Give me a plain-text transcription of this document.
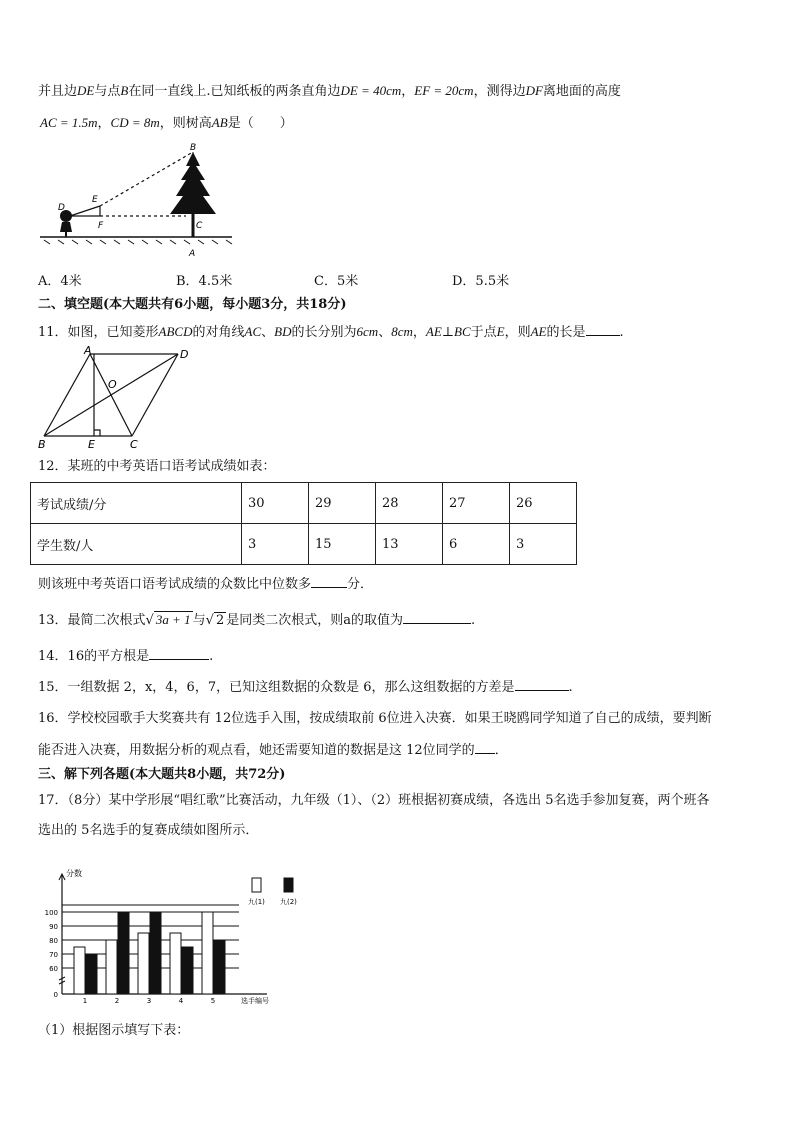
并且边DE与点B在同一直线上.已知纸板的两条直角边DE = 40cm，EF = 20cm，测得边DF离地面的高度
AC = 1.5m，CD = 8m，则树高AB是（　　）
B
E
D
F	C
A
A．4米	B．4.5米	C．5米	D．5.5米
二、填空题(本大题共有6小题，每小题3分，共18分)
11．如图，已知菱形ABCD的对角线AC、BD的长分别为6cm、8cm，AE⊥BC于点E，则AE的长是	.
A	D
O
B	E	C
12．某班的中考英语口语考试成绩如表：
考试成绩/分	30	29	28	27	26
学生数/人	3	15	13	6	3
则该班中考英语口语考试成绩的众数比中位数多	分．
13．最简二次根式√ 3a + 1 与√ 2 是同类二次根式，则a的取值为	.
14．16的平方根是	.
15．一组数据 2，x，4，6，7，已知这组数据的众数是 6，那么这组数据的方差是	.
16．学校校园歌手大奖赛共有 12位选手入围，按成绩取前 6位进入决赛．如果王晓鸥同学知道了自己的成绩，要判断
能否进入决赛，用数据分析的观点看，她还需要知道的数据是这 12位同学的 ．
三、解下列各题(本大题共8小题，共72分)
17．（8分）某中学形展“唱红歌”比赛活动，九年级（1）、（2）班根据初赛成绩，各选出 5名选手参加复赛，两个班各
选出的 5名选手的复赛成绩如图所示．
0
60
70
80
90
100
分数
1	2	3	4	5	选手编号
九(1) 九(2)
（1）根据图示填写下表：
